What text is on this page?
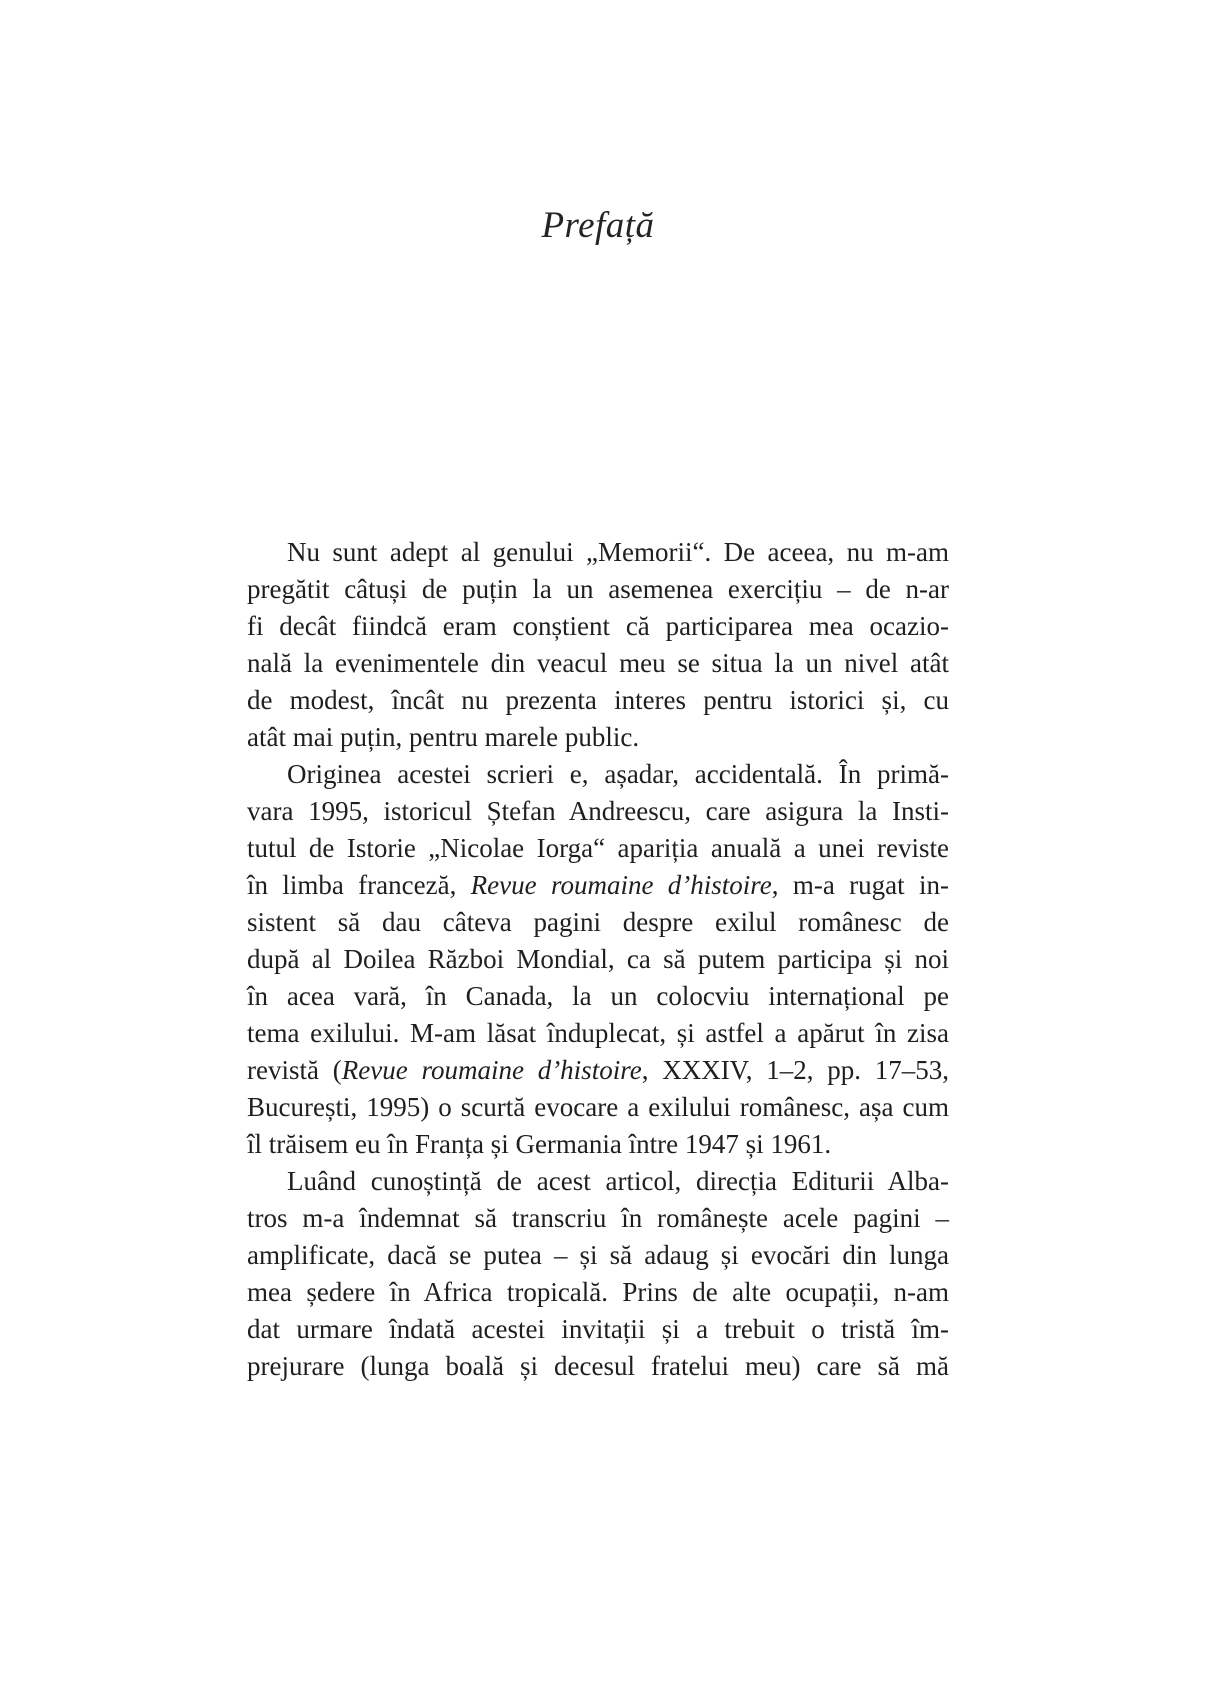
Prefață
Nu sunt adept al genului „Memorii“. De aceea, nu m-am
pregătit câtuși de puțin la un asemenea exercițiu – de n-ar
fi decât fiindcă eram conștient că participarea mea ocazio-
nală la evenimentele din veacul meu se situa la un nivel atât
de modest, încât nu prezenta interes pentru istorici și, cu
atât mai puțin, pentru marele public.
Originea acestei scrieri e, așadar, accidentală. În primă-
vara 1995, istoricul Ștefan Andreescu, care asigura la Insti-
tutul de Istorie „Nicolae Iorga“ apariția anuală a unei reviste
în limba franceză, Revue roumaine d’histoire, m-a rugat in-
sistent să dau câteva pagini despre exilul românesc de
după al Doilea Război Mondial, ca să putem participa și noi
în acea vară, în Canada, la un colocviu internațional pe
tema exilului. M-am lăsat înduplecat, și astfel a apărut în zisa
revistă (Revue roumaine d’histoire, XXXIV, 1–2, pp. 17–53,
București, 1995) o scurtă evocare a exilului românesc, așa cum
îl trăisem eu în Franța și Germania între 1947 și 1961.
Luând cunoștință de acest articol, direcția Editurii Alba-
tros m-a îndemnat să transcriu în românește acele pagini –
amplificate, dacă se putea – și să adaug și evocări din lunga
mea ședere în Africa tropicală. Prins de alte ocupații, n-am
dat urmare îndată acestei invitații și a trebuit o tristă îm-
prejurare (lunga boală și decesul fratelui meu) care să mă
